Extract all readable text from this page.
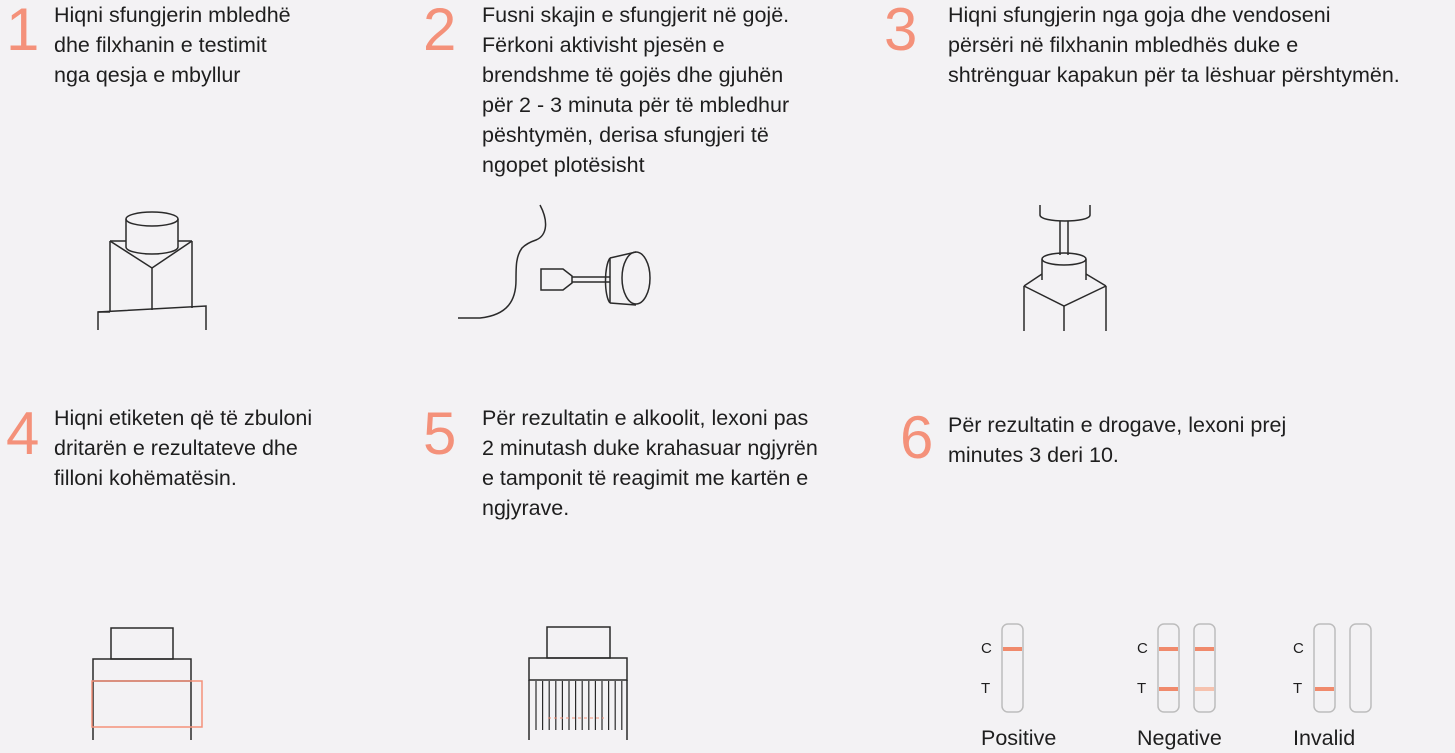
1	2	3
4	5	6
Hiqni sfungjerin mbledhë
dhe filxhanin e testimit
nga qesja e mbyllur
Fusni skajin e sfungjerit në gojë.
Fërkoni aktivisht pjesën e
brendshme të gojës dhe gjuhën
për 2 - 3 minuta për të mbledhur
pështymën, derisa sfungjeri të
ngopet plotësisht
Hiqni sfungjerin nga goja dhe vendoseni
përsëri në filxhanin mbledhës duke e
shtrënguar kapakun për ta lëshuar përshtymën.
Hiqni etiketen që të zbuloni
dritarën e rezultateve dhe
filloni kohëmatësin.
Për rezultatin e alkoolit, lexoni pas
2 minutash duke krahasuar ngjyrën
e tamponit të reagimit me kartën e
ngjyrave.
Për rezultatin e drogave, lexoni prej
minutes 3 deri 10.
C
T
C
T
C
T
Positive	Negative	Invalid
